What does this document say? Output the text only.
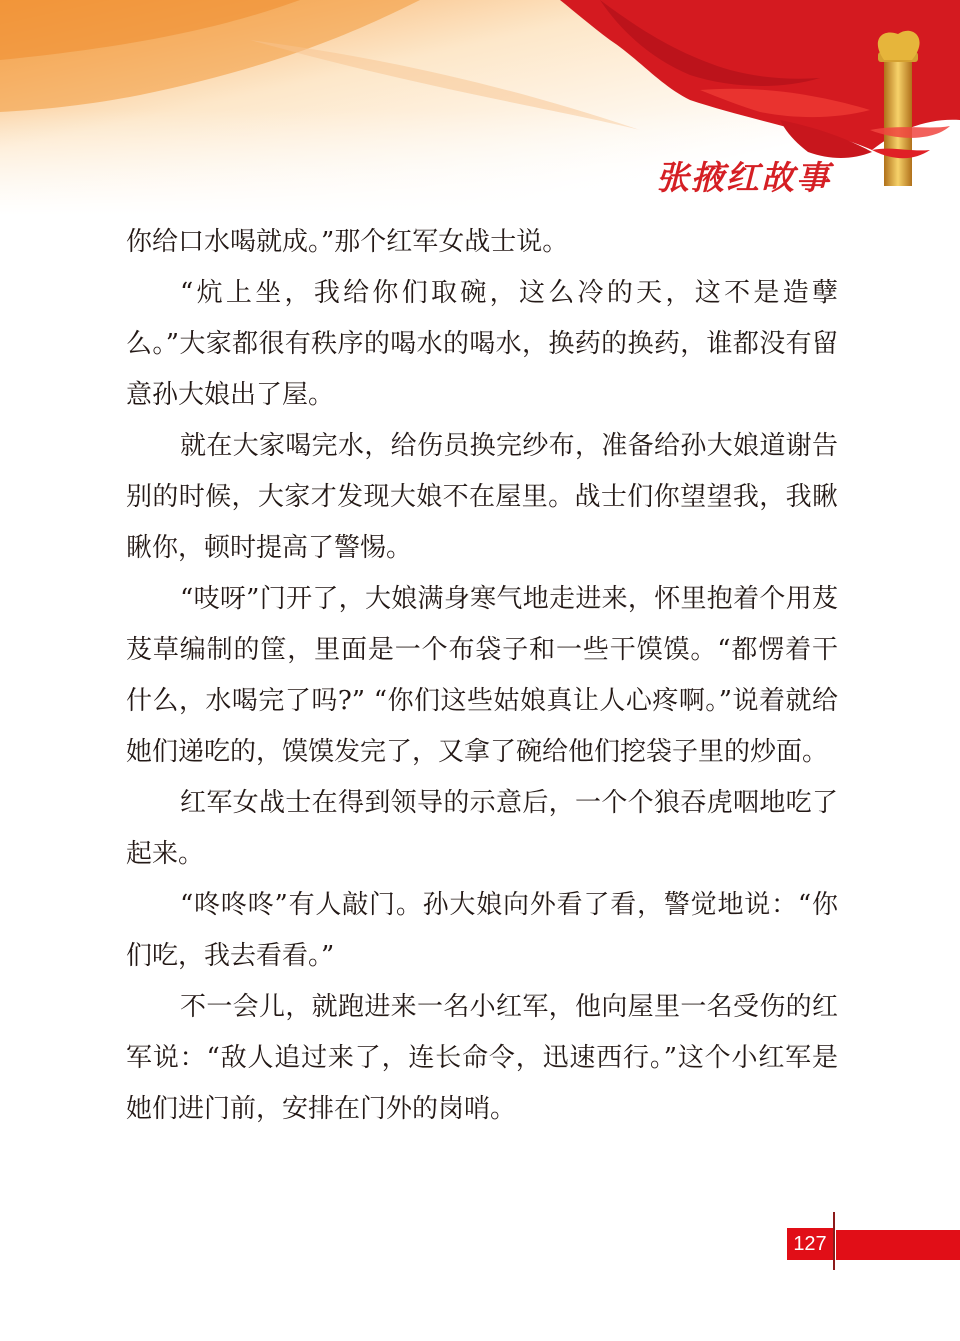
张掖红故事

你给口水喝就成。”那个红军女战士说。

“炕上坐，我给你们取碗，这么冷的天，这不是造孽么。”大家都很有秩序的喝水的喝水，换药的换药，谁都没有留意孙大娘出了屋。

就在大家喝完水，给伤员换完纱布，准备给孙大娘道谢告别的时候，大家才发现大娘不在屋里。战士们你望望我，我瞅瞅你，顿时提高了警惕。

“吱呀”门开了，大娘满身寒气地走进来，怀里抱着个用芨芨草编制的筐，里面是一个布袋子和一些干馍馍。“都愣着干什么，水喝完了吗?” “你们这些姑娘真让人心疼啊。”说着就给她们递吃的，馍馍发完了，又拿了碗给他们挖袋子里的炒面。

红军女战士在得到领导的示意后，一个个狼吞虎咽地吃了起来。

“咚咚咚”有人敲门。孙大娘向外看了看，警觉地说：“你们吃，我去看看。”

不一会儿，就跑进来一名小红军，他向屋里一名受伤的红军说：“敌人追过来了，连长命令，迅速西行。”这个小红军是她们进门前，安排在门外的岗哨。

127
